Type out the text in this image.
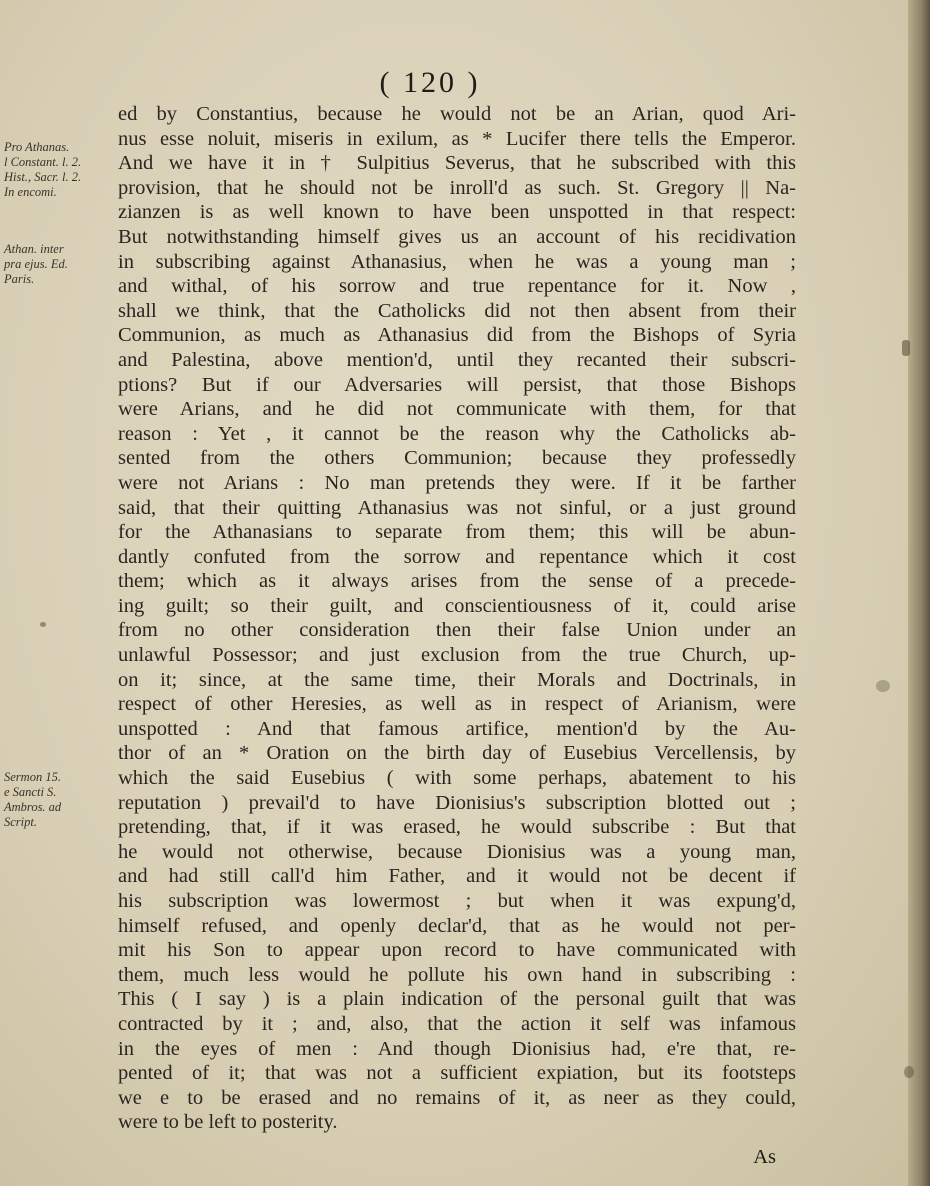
( 120 )
Pro Athanas.
l Constant. l. 2.
Hist., Sacr. l. 2.
In encomi.
Athan. inter
pra ejus. Ed.
Paris.
Sermon 15.
e Sancti S.
Ambros. ad
Script.
ed by Constantius, because he would not be an Arian, quod Ari-
nus esse noluit, miseris in exilum, as * Lucifer there tells the Emperor.
And we have it in † Sulpitius Severus, that he subscribed with this
provision, that he should not be inroll'd as such. St. Gregory || Na-
zianzen is as well known to have been unspotted in that respect:
But notwithstanding himself gives us an account of his recidivation
in subscribing against Athanasius, when he was a young man ;
and withal, of his sorrow and true repentance for it. Now ,
shall we think, that the Catholicks did not then absent from their
Communion, as much as Athanasius did from the Bishops of Syria
and Palestina, above mention'd, until they recanted their subscri-
ptions? But if our Adversaries will persist, that those Bishops
were Arians, and he did not communicate with them, for that
reason : Yet , it cannot be the reason why the Catholicks ab-
sented from the others Communion; because they professedly
were not Arians : No man pretends they were. If it be farther
said, that their quitting Athanasius was not sinful, or a just ground
for the Athanasians to separate from them; this will be abun-
dantly confuted from the sorrow and repentance which it cost
them; which as it always arises from the sense of a precede-
ing guilt; so their guilt, and conscientiousness of it, could arise
from no other consideration then their false Union under an
unlawful Possessor; and just exclusion from the true Church, up-
on it; since, at the same time, their Morals and Doctrinals, in
respect of other Heresies, as well as in respect of Arianism, were
unspotted : And that famous artifice, mention'd by the Au-
thor of an * Oration on the birth day of Eusebius Vercellensis, by
which the said Eusebius ( with some perhaps, abatement to his
reputation ) prevail'd to have Dionisius's subscription blotted out ;
pretending, that, if it was erased, he would subscribe : But that
he would not otherwise, because Dionisius was a young man,
and had still call'd him Father, and it would not be decent if
his subscription was lowermost ; but when it was expung'd,
himself refused, and openly declar'd, that as he would not per-
mit his Son to appear upon record to have communicated with
them, much less would he pollute his own hand in subscribing :
This ( I say ) is a plain indication of the personal guilt that was
contracted by it ; and, also, that the action it self was infamous
in the eyes of men : And though Dionisius had, e're that, re-
pented of it; that was not a sufficient expiation, but its footsteps
we e to be erased and no remains of it, as neer as they could,
were to be left to posterity.
As
